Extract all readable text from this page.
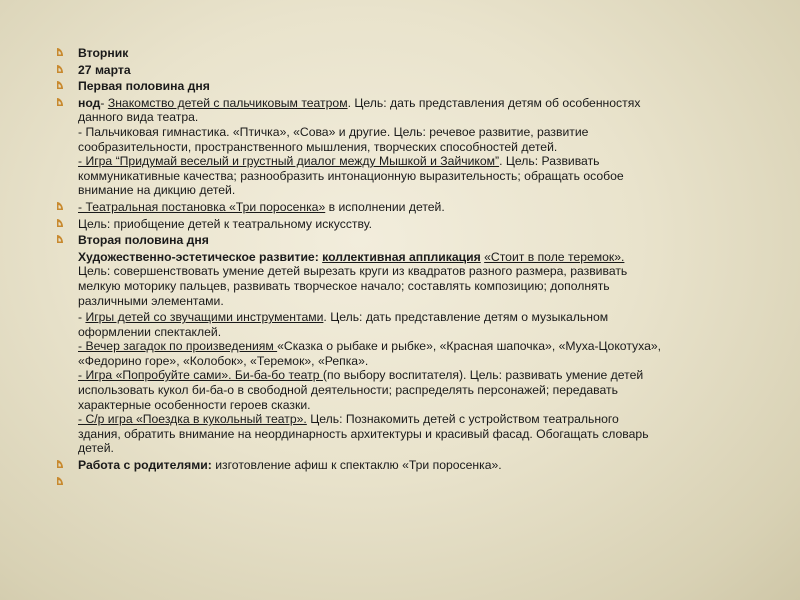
Вторник
27 марта
Первая половина дня
нод- Знакомство детей с пальчиковым театром. Цель: дать представления детям об особенностях
данного вида театра.
- Пальчиковая гимнастика. «Птичка», «Сова» и другие. Цель: речевое развитие, развитие
сообразительности, пространственного мышления, творческих способностей детей.
- Игра “Придумай веселый и грустный диалог между Мышкой и Зайчиком”. Цель: Развивать
коммуникативные качества; разнообразить интонационную выразительность; обращать особое
внимание на дикцию детей.
- Театральная постановка «Три поросенка» в исполнении детей.
Цель: приобщение детей к театральному искусству.
Вторая половина дня
Художественно-эстетическое развитие: коллективная аппликация «Стоит в поле теремок».
Цель: совершенствовать умение детей вырезать круги из квадратов разного размера, развивать
мелкую моторику пальцев, развивать творческое начало; составлять композицию; дополнять
различными элементами.
- Игры детей со звучащими инструментами. Цель: дать представление детям о музыкальном
оформлении спектаклей.
- Вечер загадок по произведениям «Сказка о рыбаке и рыбке», «Красная шапочка», «Муха-Цокотуха»,
«Федорино горе», «Колобок», «Теремок», «Репка».
- Игра «Попробуйте сами». Би-ба-бо театр (по выбору воспитателя). Цель: развивать умение детей
использовать кукол би-ба-о в свободной деятельности; распределять персонажей; передавать
характерные особенности героев сказки.
- С/р игра «Поездка в кукольный театр». Цель: Познакомить детей с устройством театрального
здания, обратить внимание на неординарность архитектуры и красивый фасад. Обогащать словарь
детей.
Работа с родителями: изготовление афиш к спектаклю «Три поросенка».
